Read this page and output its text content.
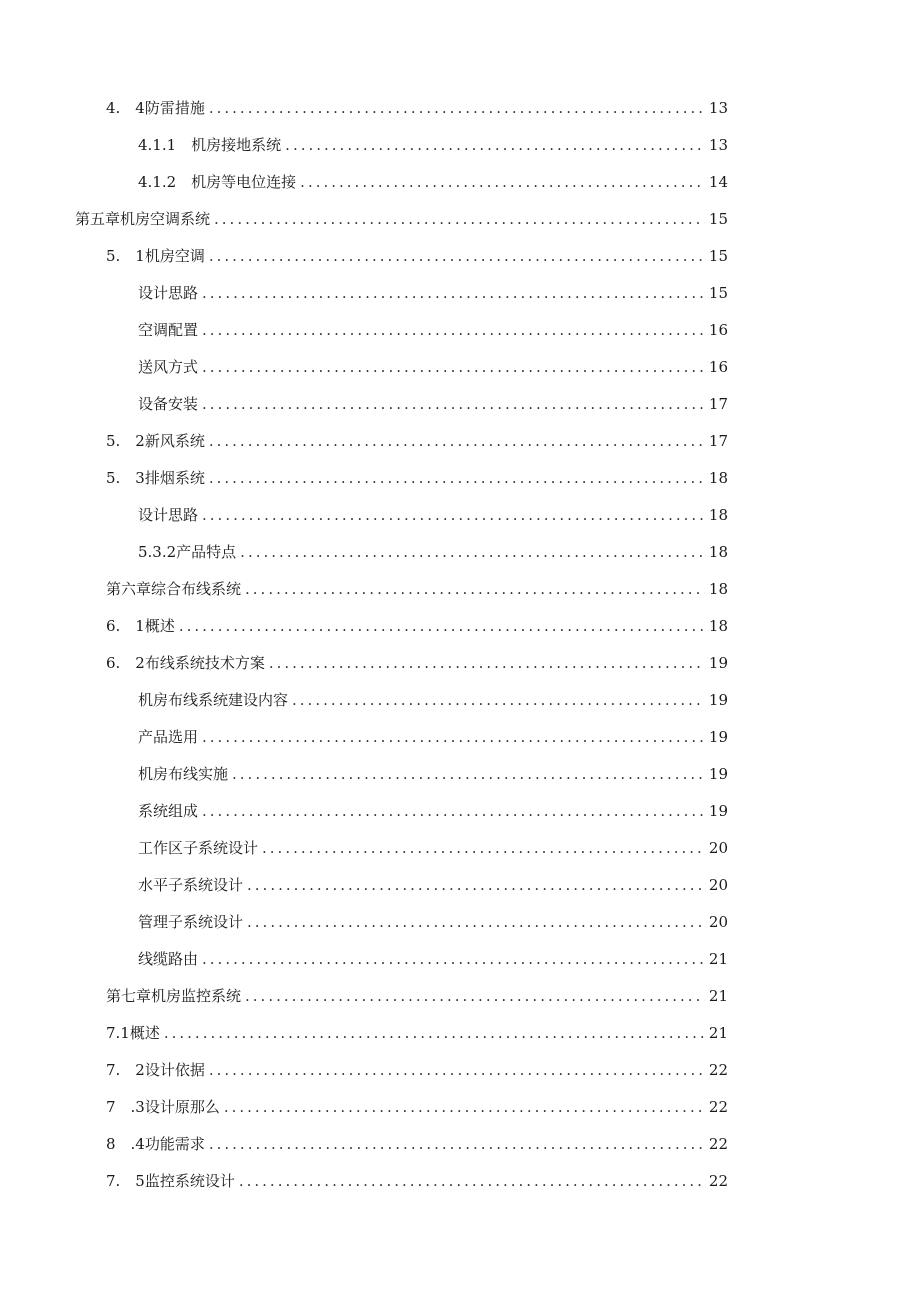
4.　4防雷措施 .....	13
4.1.1　机房接地系统 .....	13
4.1.2　机房等电位连接 .....	14
第五章机房空调系统 .....	15
5.　1机房空调 .....	15
设计思路 .....	15
空调配置 .....	16
送风方式 .....	16
设备安装 .....	17
5.　2新风系统 .....	17
5.　3排烟系统 .....	18
设计思路 .....	18
5.3.2产品特点 .....	18
第六章综合布线系统 .....	18
6.　1概述 .....	18
6.　2布线系统技术方案 .....	19
机房布线系统建设内容 .....	19
产品选用 .....	19
机房布线实施 .....	19
系统组成 .....	19
工作区子系统设计 .....	20
水平子系统设计 .....	20
管理子系统设计 .....	20
线缆路由 .....	21
第七章机房监控系统 .....	21
7.1概述 .....	21
7.　2设计依据 .....	22
7　.3设计原那么 .....	22
8　.4功能需求 .....	22
7.　5监控系统设计 .....	22
